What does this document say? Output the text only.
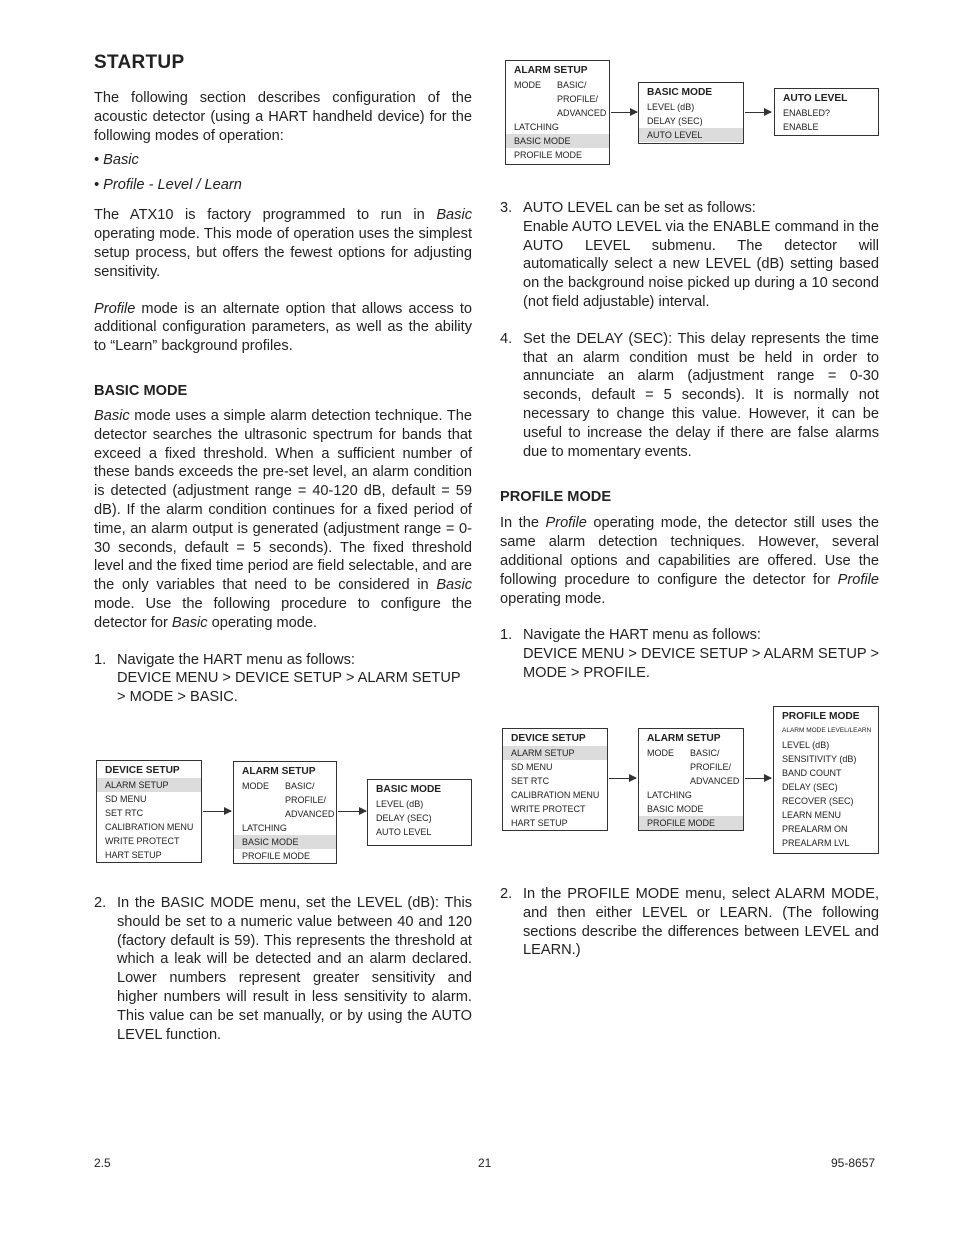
STARTUP

The following section describes configuration of the acoustic detector (using a HART handheld device) for the following modes of operation:

• Basic
• Profile - Level / Learn

The ATX10 is factory programmed to run in Basic operating mode. This mode of operation uses the simplest setup process, but offers the fewest options for adjusting sensitivity.

Profile mode is an alternate option that allows access to additional configuration parameters, as well as the ability to “Learn” background profiles.

BASIC MODE

Basic mode uses a simple alarm detection technique. The detector searches the ultrasonic spectrum for bands that exceed a fixed threshold. When a sufficient number of these bands exceeds the pre-set level, an alarm condition is detected (adjustment range = 40-120 dB, default = 59 dB). If the alarm condition continues for a fixed period of time, an alarm output is generated (adjustment range = 0-30 seconds, default = 5 seconds). The fixed threshold level and the fixed time period are field selectable, and are the only variables that need to be considered in Basic mode. Use the following procedure to configure the detector for Basic operating mode.

1. Navigate the HART menu as follows:
DEVICE MENU > DEVICE SETUP > ALARM SETUP > MODE > BASIC.
DEVICE SETUP
ALARM SETUP
SD MENU
SET RTC
CALIBRATION MENU
WRITE PROTECT
HART SETUP
ALARM SETUP
MODE	BASIC/
PROFILE/
ADVANCED
LATCHING
BASIC MODE
PROFILE MODE
BASIC MODE
LEVEL (dB)
DELAY (SEC)
AUTO LEVEL
2. In the BASIC MODE menu, set the LEVEL (dB): This should be set to a numeric value between 40 and 120 (factory default is 59). This represents the threshold at which a leak will be detected and an alarm declared. Lower numbers represent greater sensitivity and higher numbers will result in less sensitivity to alarm. This value can be set manually, or by using the AUTO LEVEL function.
ALARM SETUP
MODE	BASIC/
PROFILE/
ADVANCED
LATCHING
BASIC MODE
PROFILE MODE
BASIC MODE
LEVEL (dB)
DELAY (SEC)
AUTO LEVEL
AUTO LEVEL
ENABLED?
ENABLE
3. AUTO LEVEL can be set as follows:
Enable AUTO LEVEL via the ENABLE command in the AUTO LEVEL submenu. The detector will automatically select a new LEVEL (dB) setting based on the background noise picked up during a 10 second (not field adjustable) interval.
4. Set the DELAY (SEC): This delay represents the time that an alarm condition must be held in order to annunciate an alarm (adjustment range = 0-30 seconds, default = 5 seconds). It is normally not necessary to change this value. However, it can be useful to increase the delay if there are false alarms due to momentary events.
PROFILE MODE

In the Profile operating mode, the detector still uses the same alarm detection techniques. However, several additional options and capabilities are offered. Use the following procedure to configure the detector for Profile operating mode.

1. Navigate the HART menu as follows:
DEVICE MENU > DEVICE SETUP > ALARM SETUP > MODE > PROFILE.
DEVICE SETUP
ALARM SETUP
SD MENU
SET RTC
CALIBRATION MENU
WRITE PROTECT
HART SETUP
ALARM SETUP
MODE	BASIC/
PROFILE/
ADVANCED
LATCHING
BASIC MODE
PROFILE MODE
PROFILE MODE
ALARM MODE LEVEL/LEARN
LEVEL (dB)
SENSITIVITY (dB)
BAND COUNT
DELAY (SEC)
RECOVER (SEC)
LEARN MENU
PREALARM ON
PREALARM LVL
2. In the PROFILE MODE menu, select ALARM MODE, and then either LEVEL or LEARN. (The following sections describe the differences between LEVEL and LEARN.)
2.5	21	95-8657
